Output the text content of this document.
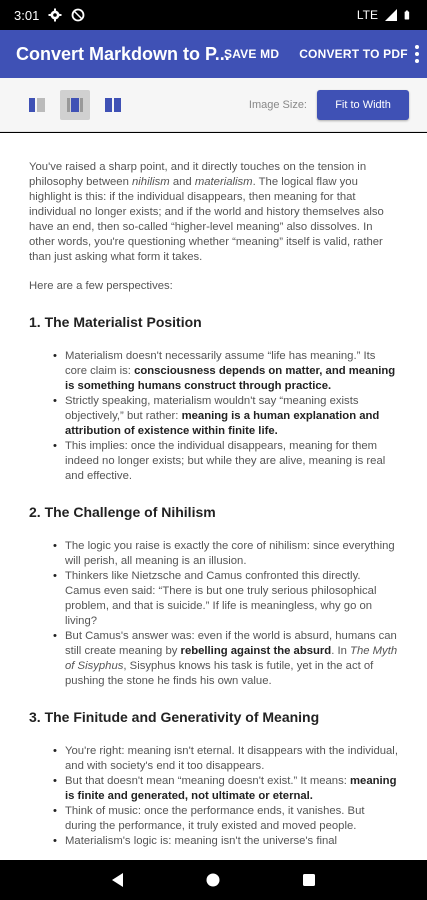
3:01	LTE
Convert Markdown to P...
SAVE MD CONVERT TO PDF
Image Size:	Fit to Width

You've raised a sharp point, and it directly touches on the tension in philosophy between nihilism and materialism. The logical flaw you highlight is this: if the individual disappears, then meaning for that individual no longer exists; and if the world and history themselves also have an end, then so-called “higher-level meaning” also dissolves. In other words, you're questioning whether “meaning” itself is valid, rather than just asking what form it takes.

Here are a few perspectives:

1. The Materialist Position
• Materialism doesn't necessarily assume “life has meaning.” Its core claim is: consciousness depends on matter, and meaning is something humans construct through practice.
• Strictly speaking, materialism wouldn't say “meaning exists objectively,” but rather: meaning is a human explanation and attribution of existence within finite life.
• This implies: once the individual disappears, meaning for them indeed no longer exists; but while they are alive, meaning is real and effective.
2. The Challenge of Nihilism
• The logic you raise is exactly the core of nihilism: since everything will perish, all meaning is an illusion.
• Thinkers like Nietzsche and Camus confronted this directly. Camus even said: “There is but one truly serious philosophical problem, and that is suicide.” If life is meaningless, why go on living?
• But Camus's answer was: even if the world is absurd, humans can still create meaning by rebelling against the absurd. In The Myth of Sisyphus, Sisyphus knows his task is futile, yet in the act of pushing the stone he finds his own value.
3. The Finitude and Generativity of Meaning
• You're right: meaning isn't eternal. It disappears with the individual, and with society's end it too disappears.
• But that doesn't mean “meaning doesn't exist.” It means: meaning is finite and generated, not ultimate or eternal.
• Think of music: once the performance ends, it vanishes. But during the performance, it truly existed and moved people.
• Materialism's logic is: meaning isn't the universe's final
